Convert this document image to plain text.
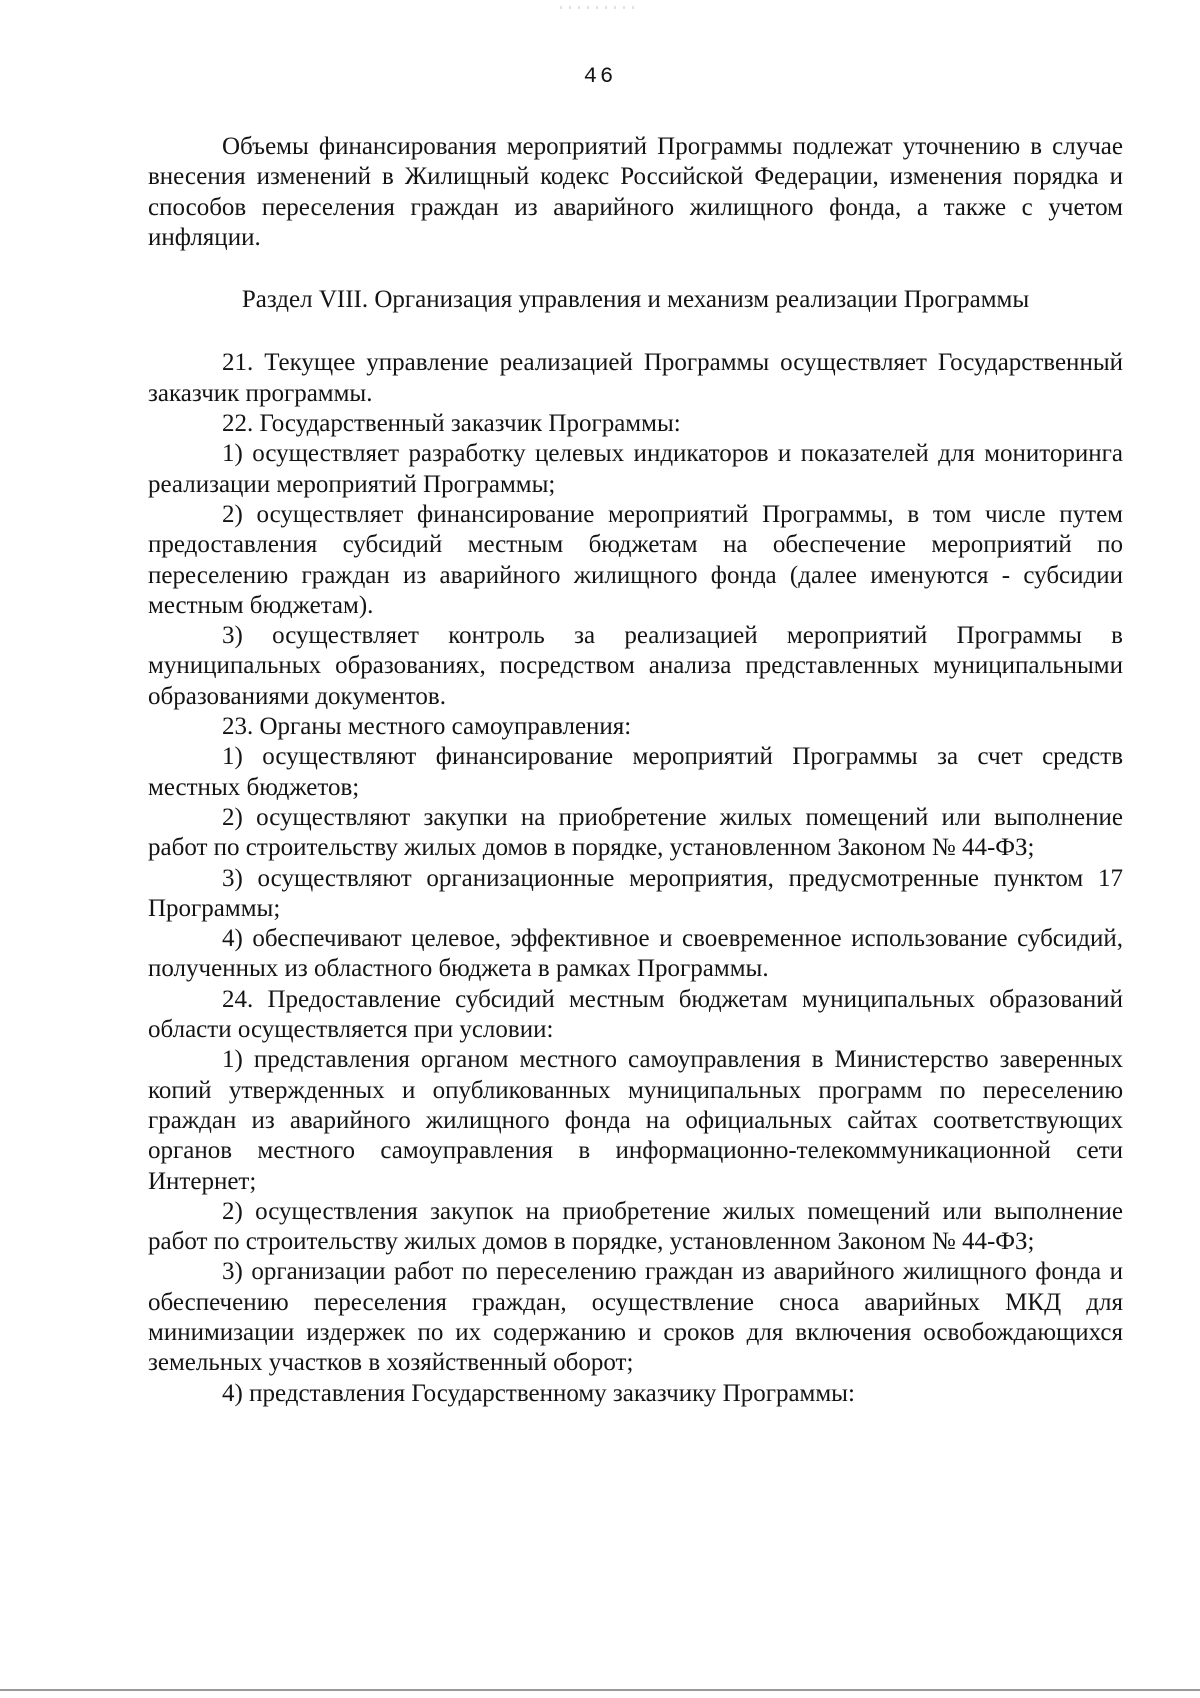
46

Объемы финансирования мероприятий Программы подлежат уточнению в случае внесения изменений в Жилищный кодекс Российской Федерации, изменения порядка и способов переселения граждан из аварийного жилищного фонда, а также с учетом инфляции.

Раздел VIII. Организация управления и механизм реализации Программы

21. Текущее управление реализацией Программы осуществляет Государственный заказчик программы.

22. Государственный заказчик Программы:

1) осуществляет разработку целевых индикаторов и показателей для мониторинга реализации мероприятий Программы;

2) осуществляет финансирование мероприятий Программы, в том числе путем предоставления субсидий местным бюджетам на обеспечение мероприятий по переселению граждан из аварийного жилищного фонда (далее именуются - субсидии местным бюджетам).

3) осуществляет контроль за реализацией мероприятий Программы в муниципальных образованиях, посредством анализа представленных муниципальными образованиями документов.

23. Органы местного самоуправления:

1) осуществляют финансирование мероприятий Программы за счет средств местных бюджетов;

2) осуществляют закупки на приобретение жилых помещений или выполнение работ по строительству жилых домов в порядке, установленном Законом № 44-ФЗ;

3) осуществляют организационные мероприятия, предусмотренные пунктом 17 Программы;

4) обеспечивают целевое, эффективное и своевременное использование субсидий, полученных из областного бюджета в рамках Программы.

24. Предоставление субсидий местным бюджетам муниципальных образований области осуществляется при условии:

1) представления органом местного самоуправления в Министерство заверенных копий утвержденных и опубликованных муниципальных программ по переселению граждан из аварийного жилищного фонда на официальных сайтах соответствующих органов местного самоуправления в информационно-телекоммуникационной сети Интернет;

2) осуществления закупок на приобретение жилых помещений или выполнение работ по строительству жилых домов в порядке, установленном Законом № 44-ФЗ;

3) организации работ по переселению граждан из аварийного жилищного фонда и обеспечению переселения граждан, осуществление сноса аварийных МКД для минимизации издержек по их содержанию и сроков для включения освобождающихся земельных участков в хозяйственный оборот;

4) представления Государственному заказчику Программы:
